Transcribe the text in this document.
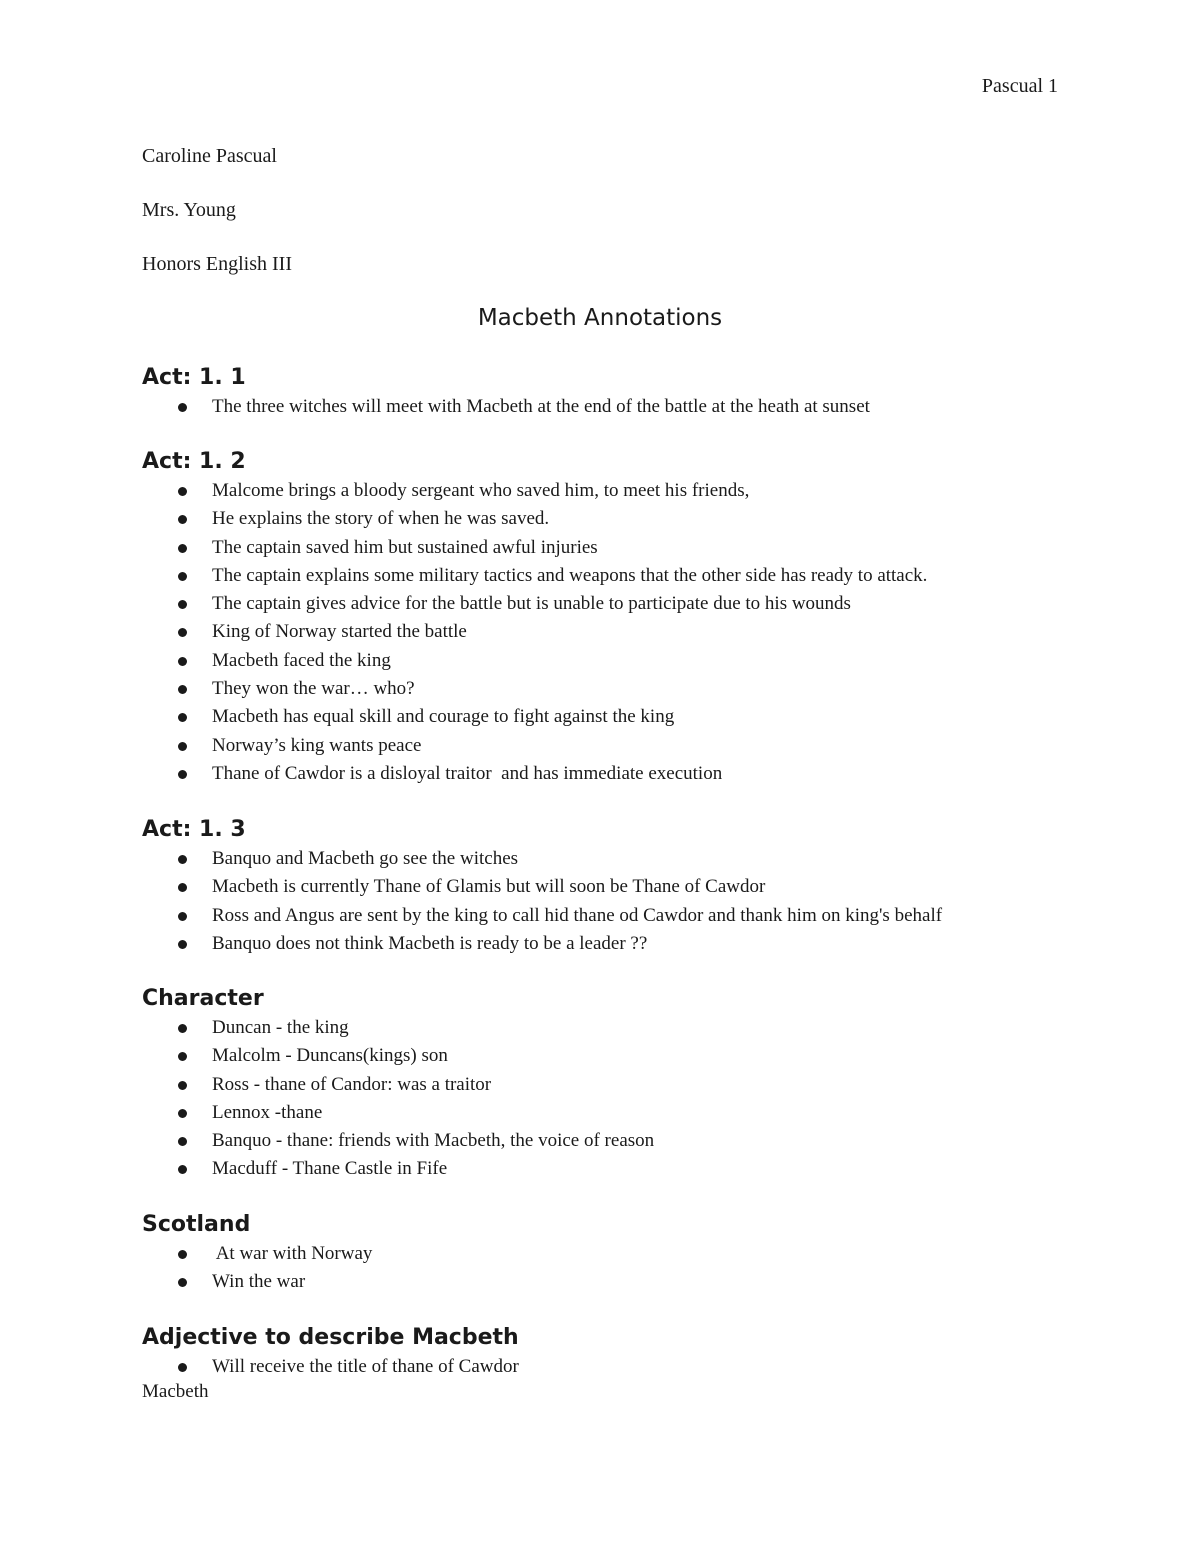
Pascual 1
Caroline Pascual
Mrs. Young
Honors English III
Macbeth Annotations
Act: 1. 1
The three witches will meet with Macbeth at the end of the battle at the heath at sunset
Act: 1. 2
Malcome brings a bloody sergeant who saved him, to meet his friends,
He explains the story of when he was saved.
The captain saved him but sustained awful injuries
The captain explains some military tactics and weapons that the other side has ready to attack.
The captain gives advice for the battle but is unable to participate due to his wounds
King of Norway started the battle
Macbeth faced the king
They won the war… who?
Macbeth has equal skill and courage to fight against the king
Norway’s king wants peace
Thane of Cawdor is a disloyal traitor  and has immediate execution
Act: 1. 3
Banquo and Macbeth go see the witches
Macbeth is currently Thane of Glamis but will soon be Thane of Cawdor
Ross and Angus are sent by the king to call hid thane od Cawdor and thank him on king's behalf
Banquo does not think Macbeth is ready to be a leader ??
Character
Duncan - the king
Malcolm - Duncans(kings) son
Ross - thane of Candor: was a traitor
Lennox -thane
Banquo - thane: friends with Macbeth, the voice of reason
Macduff - Thane Castle in Fife
Scotland
At war with Norway
Win the war
Adjective to describe Macbeth
Will receive the title of thane of Cawdor
Macbeth
